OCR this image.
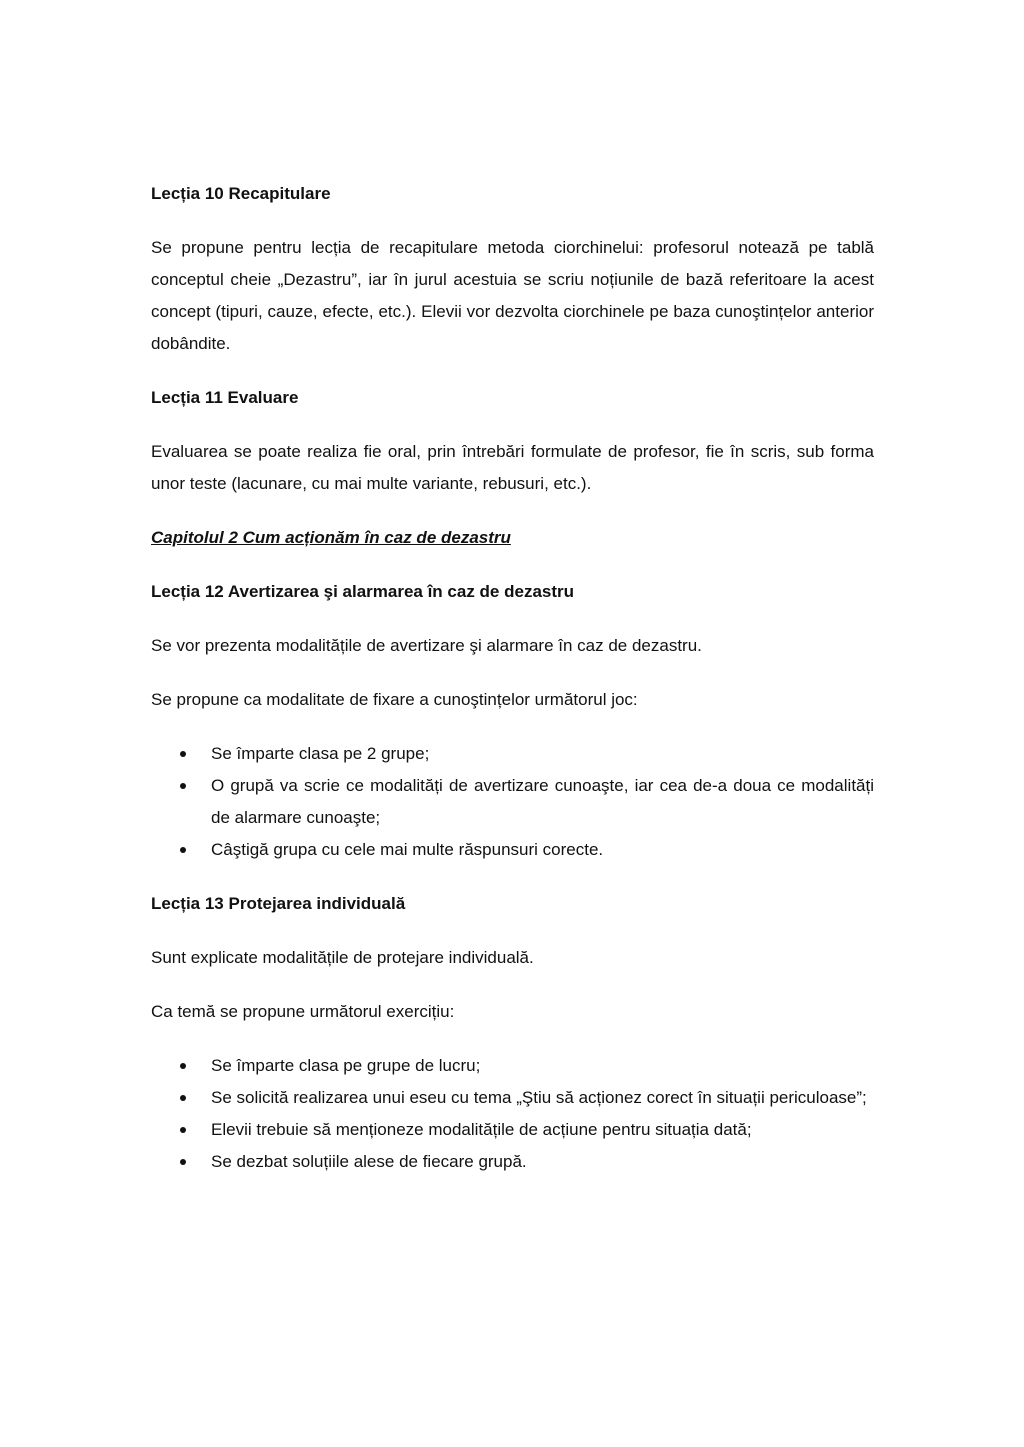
Lecția 10 Recapitulare
Se propune pentru lecția de recapitulare metoda ciorchinelui: profesorul notează pe tablă conceptul cheie „Dezastru”, iar în jurul acestuia se scriu noțiunile de bază referitoare la acest concept (tipuri, cauze, efecte, etc.). Elevii vor dezvolta ciorchinele pe baza cunoştințelor anterior dobândite.
Lecția 11 Evaluare
Evaluarea se poate realiza fie oral, prin întrebări formulate de profesor, fie în scris, sub forma unor teste (lacunare, cu mai multe variante, rebusuri, etc.).
Capitolul 2 Cum acționăm în caz de dezastru
Lecția 12 Avertizarea şi alarmarea în caz de dezastru
Se vor prezenta modalitățile de avertizare şi alarmare în caz de dezastru.
Se propune ca modalitate de fixare a cunoştințelor următorul joc:
Se împarte clasa pe 2 grupe;
O grupă va scrie ce modalități de avertizare cunoaşte, iar cea de-a doua ce modalități de alarmare cunoaşte;
Câştigă grupa cu cele mai multe răspunsuri corecte.
Lecția 13 Protejarea individuală
Sunt explicate modalitățile de protejare individuală.
Ca temă se propune următorul exercițiu:
Se împarte clasa pe grupe de lucru;
Se solicită realizarea unui eseu cu tema „Ştiu să acționez corect în situații periculoase”;
Elevii trebuie să menționeze modalitățile de acțiune pentru situația dată;
Se dezbat soluțiile alese de fiecare grupă.
